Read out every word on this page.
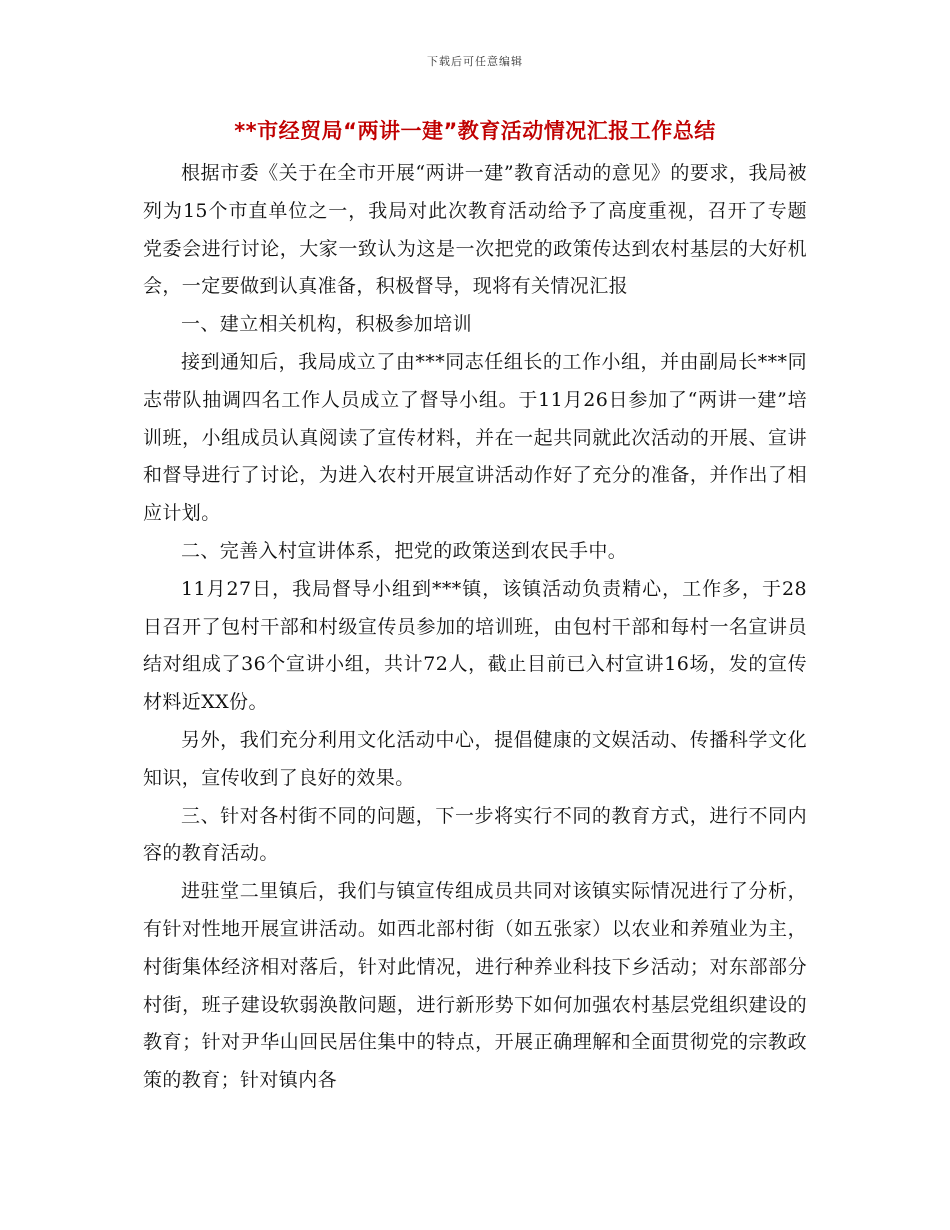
下载后可任意编辑
**市经贸局“两讲一建”教育活动情况汇报工作总结

根据市委《关于在全市开展“两讲一建”教育活动的意见》的要求，我局被列为15个市直单位之一，我局对此次教育活动给予了高度重视，召开了专题党委会进行讨论，大家一致认为这是一次把党的政策传达到农村基层的大好机会，一定要做到认真准备，积极督导，现将有关情况汇报

一、建立相关机构，积极参加培训

接到通知后，我局成立了由***同志任组长的工作小组，并由副局长***同志带队抽调四名工作人员成立了督导小组。于11月26日参加了“两讲一建”培训班，小组成员认真阅读了宣传材料，并在一起共同就此次活动的开展、宣讲和督导进行了讨论，为进入农村开展宣讲活动作好了充分的准备，并作出了相应计划。

二、完善入村宣讲体系，把党的政策送到农民手中。

11月27日，我局督导小组到***镇，该镇活动负责精心，工作多，于28日召开了包村干部和村级宣传员参加的培训班，由包村干部和每村一名宣讲员结对组成了36个宣讲小组，共计72人，截止目前已入村宣讲16场，发的宣传材料近XX份。

另外，我们充分利用文化活动中心，提倡健康的文娱活动、传播科学文化知识，宣传收到了良好的效果。

三、针对各村街不同的问题，下一步将实行不同的教育方式，进行不同内容的教育活动。

进驻堂二里镇后，我们与镇宣传组成员共同对该镇实际情况进行了分析，有针对性地开展宣讲活动。如西北部村街（如五张家）以农业和养殖业为主，村街集体经济相对落后，针对此情况，进行种养业科技下乡活动；对东部部分村街，班子建设软弱涣散问题，进行新形势下如何加强农村基层党组织建设的教育；针对尹华山回民居住集中的特点，开展正确理解和全面贯彻党的宗教政策的教育；针对镇内各
